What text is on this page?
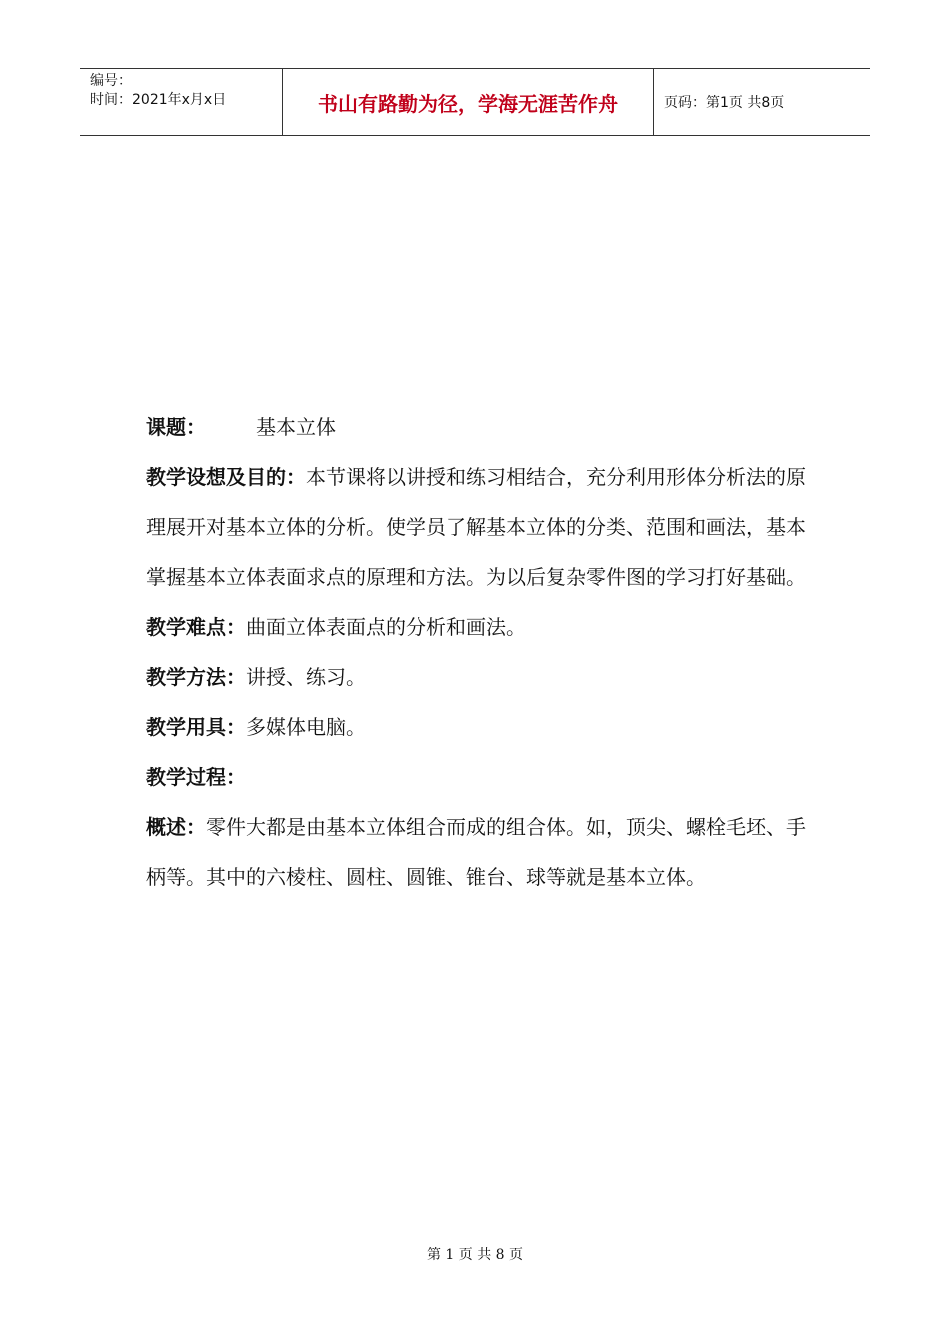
编号：
时间：2021年x月x日	书山有路勤为径，学海无涯苦作舟	页码：第1页 共8页

课题：	基本立体

教学设想及目的：本节课将以讲授和练习相结合，充分利用形体分析法的原理展开对基本立体的分析。使学员了解基本立体的分类、范围和画法，基本掌握基本立体表面求点的原理和方法。为以后复杂零件图的学习打好基础。

教学难点：曲面立体表面点的分析和画法。

教学方法：讲授、练习。

教学用具：多媒体电脑。

教学过程：

概述：零件大都是由基本立体组合而成的组合体。如，顶尖、螺栓毛坯、手柄等。其中的六棱柱、圆柱、圆锥、锥台、球等就是基本立体。

第 1 页 共 8 页
